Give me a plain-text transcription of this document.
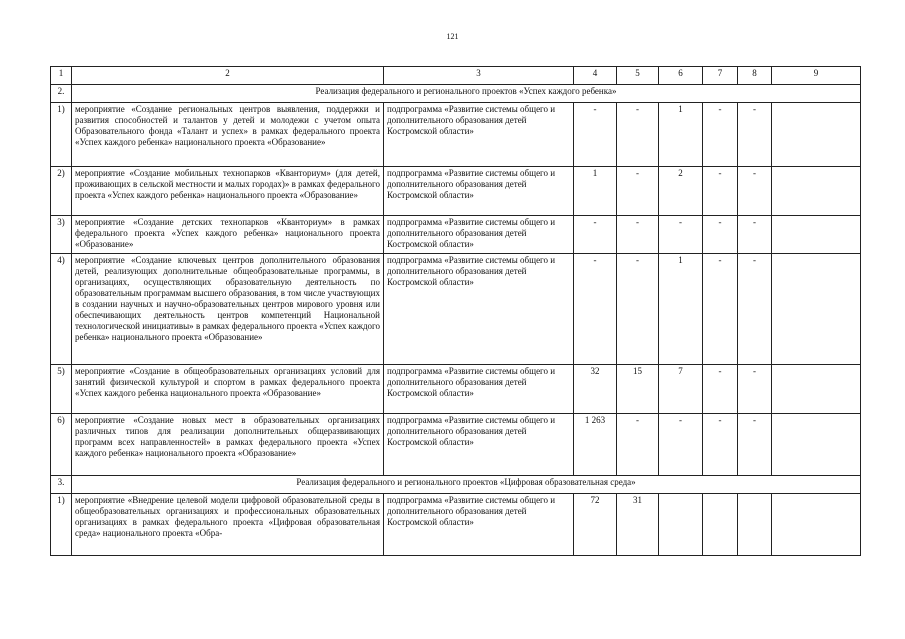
121
1	2	3	4	5	6	7	8	9
2.	Реализация федерального и регионального проектов «Успех каждого ребенка»							
1)	мероприятие «Создание региональных центров выявления, поддержки и развития способностей и талантов у детей и молодежи с учетом опыта Образовательного фонда «Талант и успех» в рамках федерального проекта «Успех каждого ребенка» национального проекта «Образование»	подпрограмма «Развитие системы общего и дополнительного образования детей Костромской области»	-	-	1	-	-	
2)	мероприятие «Создание мобильных технопарков «Кванториум» (для детей, проживающих в сельской местности и малых городах)» в рамках федерального проекта «Успех каждого ребенка» национального проекта «Образование»	подпрограмма «Развитие системы общего и дополнительного образования детей Костромской области»	1	-	2	-	-	
3)	мероприятие «Создание детских технопарков «Кванториум» в рамках федерального проекта «Успех каждого ребенка» национального проекта «Образование»	подпрограмма «Развитие системы общего и дополнительного образования детей Костромской области»	-	-	-	-	-	
4)	мероприятие «Создание ключевых центров дополнительного образования детей, реализующих дополнительные общеобразовательные программы, в организациях, осуществляющих образовательную деятельность по образовательным программам высшего образования, в том числе участвующих в создании научных и научно-образовательных центров мирового уровня или обеспечивающих деятельность центров компетенций Национальной технологической инициативы» в рамках федерального проекта «Успех каждого ребенка» национального проекта «Образование»	подпрограмма «Развитие системы общего и дополнительного образования детей Костромской области»	-	-	1	-	-	
5)	мероприятие «Создание в общеобразовательных организациях условий для занятий физической культурой и спортом в рамках федерального проекта «Успех каждого ребенка национального проекта «Образование»	подпрограмма «Развитие системы общего и дополнительного образования детей Костромской области»	32	15	7	-	-	
6)	мероприятие «Создание новых мест в образовательных организациях различных типов для реализации дополнительных общеразвивающих программ всех направленностей» в рамках федерального проекта «Успех каждого ребенка» национального проекта «Образование»	подпрограмма «Развитие системы общего и дополнительного образования детей Костромской области»	1 263	-	-	-	-	
3.	Реализация федерального и регионального проектов «Цифровая образовательная среда»							
1)	мероприятие «Внедрение целевой модели цифровой образовательной среды в общеобразовательных организациях и профессиональных образовательных организациях в рамках федерального проекта «Цифровая образовательная среда» национального проекта «Обра-	подпрограмма «Развитие системы общего и дополнительного образования детей Костромской области»	72	31				
